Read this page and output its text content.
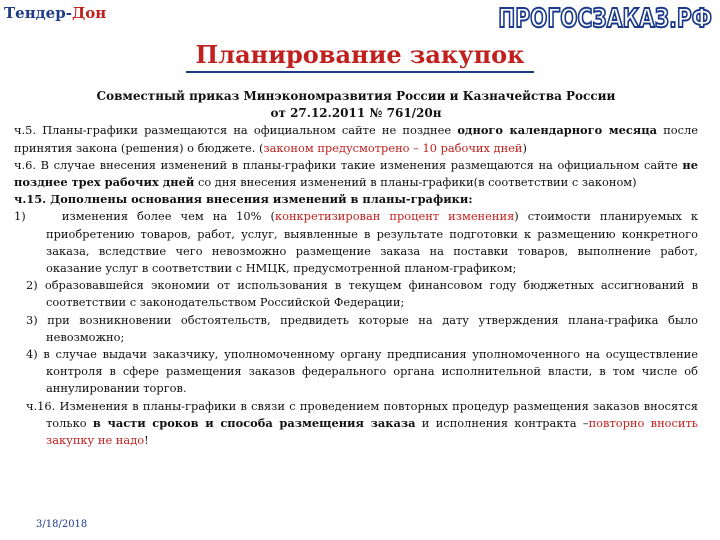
Тендер-Дон	ПРОГОСЗАКАЗ.РФ
Планирование закупок

Совместный приказ Минэкономразвития России и Казначейства России

от 27.12.2011 № 761/20н

ч.5. Планы-графики размещаются на официальном сайте не позднее одного календарного месяца после принятия закона (решения) о бюджете. (законом предусмотрено – 10 рабочих дней)

ч.6. В случае внесения изменений в планы-графики такие изменения размещаются на официальном сайте не позднее трех рабочих дней со дня внесения изменений в планы-графики(в соответствии с законом)

ч.15. Дополнены основания внесения изменений в планы-графики:

1)    изменения более чем на 10% (конкретизирован процент изменения) стоимости планируемых к приобретению товаров, работ, услуг, выявленные в результате подготовки к размещению конкретного заказа, вследствие чего невозможно размещение заказа на поставки товаров, выполнение работ, оказание услуг в соответствии с НМЦК, предусмотренной планом-графиком;

2) образовавшейся экономии от использования в текущем финансовом году бюджетных ассигнований в соответствии с законодательством Российской Федерации;

3) при возникновении обстоятельств, предвидеть которые на дату утверждения плана-графика было невозможно;

4) в случае выдачи заказчику, уполномоченному органу предписания уполномоченного на осуществление контроля в сфере размещения заказов федерального органа исполнительной власти, в том числе об аннулировании торгов.

ч.16. Изменения в планы-графики в связи с проведением повторных процедур размещения заказов вносятся только в части сроков и способа размещения заказа и исполнения контракта –повторно вносить закупку не надо!

3/18/2018
